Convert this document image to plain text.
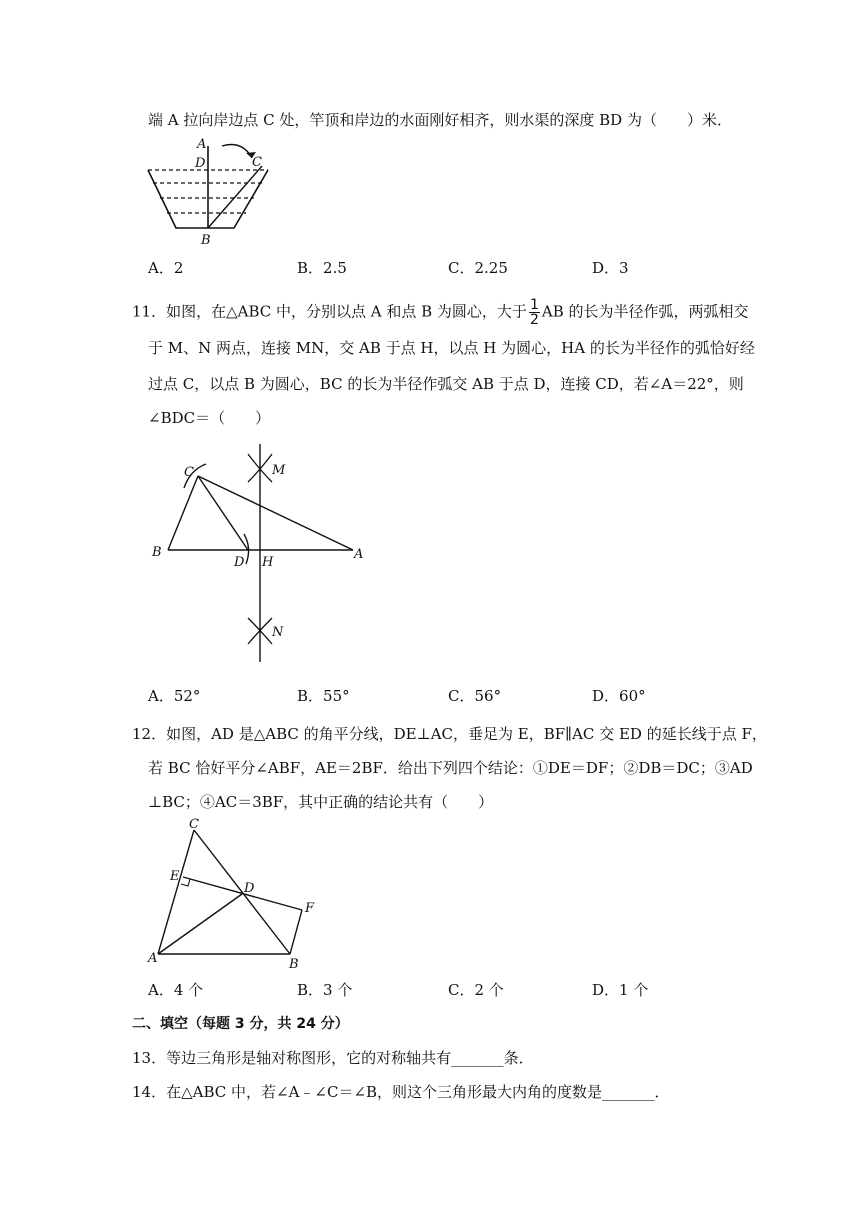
端 A 拉向岸边点 C 处，竿顶和岸边的水面刚好相齐，则水渠的深度 BD 为（　　）米．
A
D	C
B
A．2	B．2.5	C．2.25	D．3
11．如图，在△ABC 中，分别以点 A 和点 B 为圆心，大于 $\frac{1}{2}$ AB 的长为半径作弧，两弧相交
于 M、N 两点，连接 MN，交 AB 于点 H，以点 H 为圆心，HA 的长为半径作的弧恰好经
过点 C，以点 B 为圆心，BC 的长为半径作弧交 AB 于点 D，连接 CD，若∠A＝22°，则
∠BDC＝（　　）
C	M
B
D H
A
N
A．52°	B．55°	C．56°	D．60°
12．如图，AD 是△ABC 的角平分线，DE⊥AC，垂足为 E，BF∥AC 交 ED 的延长线于点 F，
若 BC 恰好平分∠ABF，AE＝2BF．给出下列四个结论：①DE＝DF；②DB＝DC；③AD
⊥BC；④AC＝3BF，其中正确的结论共有（　　）
C
E
D
F
A	B
A．4 个	B．3 个	C．2 个	D．1 个
二、填空（每题 3 分，共 24 分）
13．等边三角形是轴对称图形，它的对称轴共有_______条．
14．在△ABC 中，若∠A﹣∠C＝∠B，则这个三角形最大内角的度数是_______．
